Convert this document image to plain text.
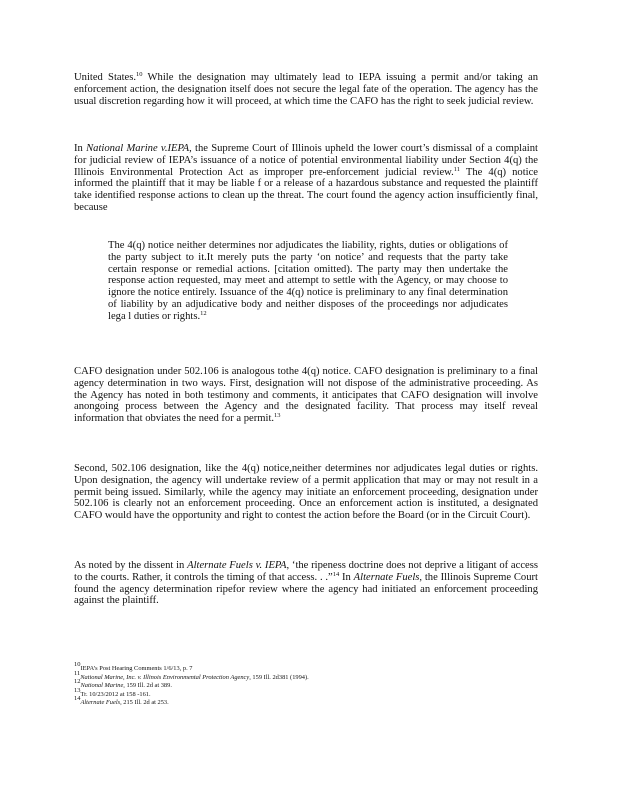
United States.$^{10}$ While the designation may ultimately lead to IEPA issuing a permit and/or taking an enforcement action, the designation itself does not secure the legal fate of the operation. The agency has the usual discretion regarding how it will proceed, at which time the CAFO has the right to seek judicial review.

In National Marine v.IEPA, the Supreme Court of Illinois upheld the lower court’s dismissal of a complaint for judicial review of IEPA’s issuance of a notice of potential environmental liability under Section 4(q) the Illinois Environmental Protection Act as improper pre-enforcement judicial review.$^{11}$ The 4(q) notice informed the plaintiff that it may be liable f or a release of a hazardous substance and requested the plaintiff take identified response actions to clean up the threat. The court found the agency action insufficiently final, because

The 4(q) notice neither determines nor adjudicates the liability, rights, duties or obligations of the party subject to it.It merely puts the party ‘on notice’ and requests that the party take certain response or remedial actions. [citation omitted). The party may then undertake the response action requested, may meet and attempt to settle with the Agency, or may choose to ignore the notice entirely. Issuance of the 4(q) notice is preliminary to any final determination of liability by an adjudicative body and neither disposes of the proceedings nor adjudicates lega l duties or rights.$^{12}$

CAFO designation under 502.106 is analogous tothe 4(q) notice. CAFO designation is preliminary to a final agency determination in two ways. First, designation will not dispose of the administrative proceeding. As the Agency has noted in both testimony and comments, it anticipates that CAFO designation will involve anongoing process between the Agency and the designated facility. That process may itself reveal information that obviates the need for a permit.$^{13}$

Second, 502.106 designation, like the 4(q) notice,neither determines nor adjudicates legal duties or rights. Upon designation, the agency will undertake review of a permit application that may or may not result in a permit being issued. Similarly, while the agency may initiate an enforcement proceeding, designation under 502.106 is clearly not an enforcement proceeding. Once an enforcement action is instituted, a designated CAFO would have the opportunity and right to contest the action before the Board (or in the Circuit Court).

As noted by the dissent in Alternate Fuels v. IEPA, ‘the ripeness doctrine does not deprive a litigant of access to the courts. Rather, it controls the timing of that access. . .”$^{14}$ In Alternate Fuels, the Illinois Supreme Court found the agency determination ripefor review where the agency had initiated an enforcement proceeding against the plaintiff.

$^{10}$IEPA’s Post Hearing Comments 1/6/13, p. 7
$^{11}$National Marine, Inc. v. Illinois Environmental Protection Agency, 159 Ill. 2d381 (1994).
$^{12}$National Marine, 159 Ill. 2d at 389.
$^{13}$Tr. 10/23/2012 at 158 -161.
$^{14}$Alternate Fuels, 215 Ill. 2d at 253.
